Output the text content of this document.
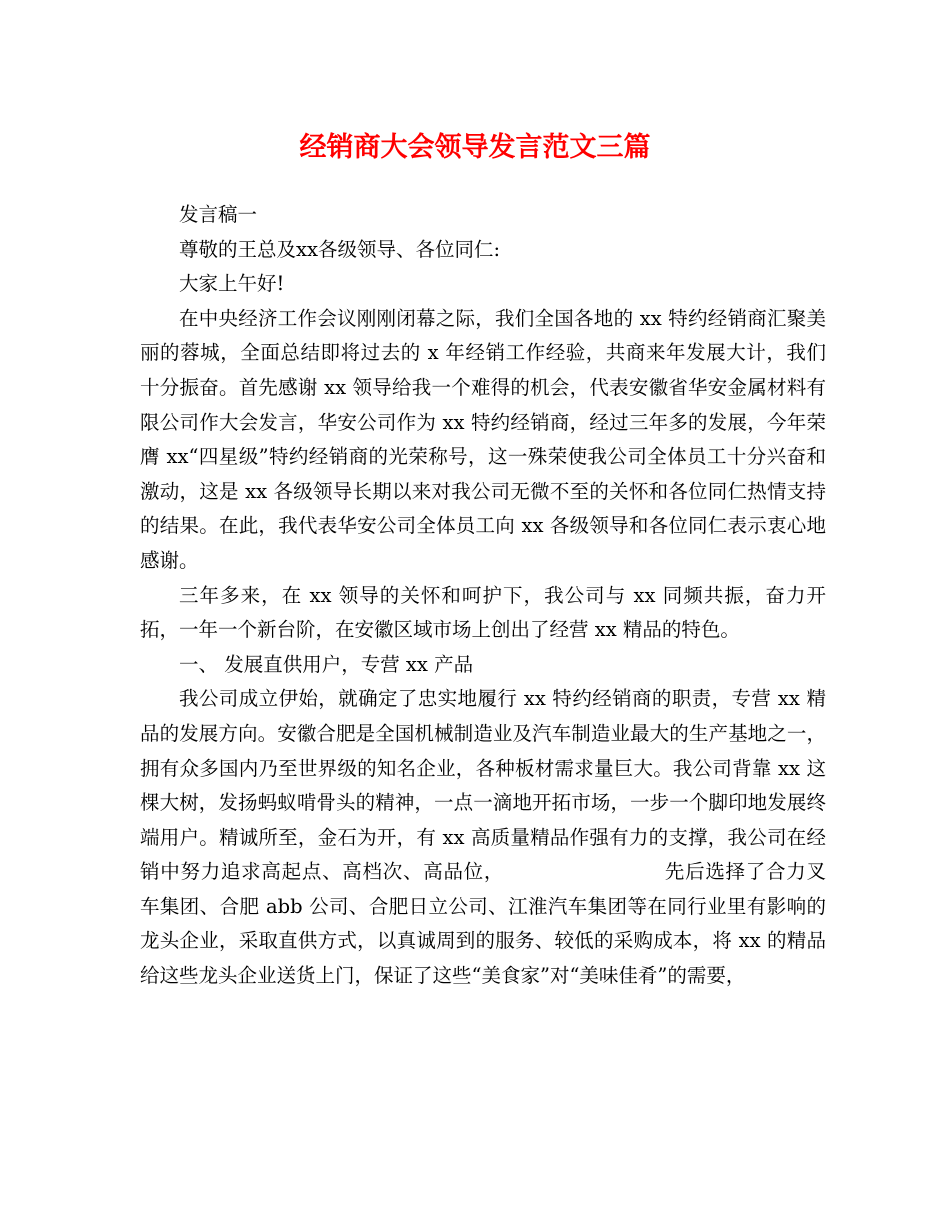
经销商大会领导发言范文三篇

发言稿一

尊敬的王总及xx各级领导、各位同仁:

大家上午好!

在中央经济工作会议刚刚闭幕之际，我们全国各地的 xx 特约经销商汇聚美丽的蓉城，全面总结即将过去的 x 年经销工作经验，共商来年发展大计，我们十分振奋。首先感谢 xx 领导给我一个难得的机会，代表安徽省华安金属材料有限公司作大会发言，华安公司作为 xx 特约经销商，经过三年多的发展，今年荣膺 xx“四星级”特约经销商的光荣称号，这一殊荣使我公司全体员工十分兴奋和激动，这是 xx 各级领导长期以来对我公司无微不至的关怀和各位同仁热情支持的结果。在此，我代表华安公司全体员工向 xx 各级领导和各位同仁表示衷心地感谢。

三年多来，在 xx 领导的关怀和呵护下，我公司与 xx 同频共振，奋力开拓，一年一个新台阶，在安徽区域市场上创出了经营 xx 精品的特色。

一、 发展直供用户，专营 xx 产品

我公司成立伊始，就确定了忠实地履行 xx 特约经销商的职责，专营 xx 精品的发展方向。安徽合肥是全国机械制造业及汽车制造业最大的生产基地之一，拥有众多国内乃至世界级的知名企业，各种板材需求量巨大。我公司背靠 xx 这棵大树，发扬蚂蚁啃骨头的精神，一点一滴地开拓市场，一步一个脚印地发展终端用户。精诚所至，金石为开，有 xx 高质量精品作强有力的支撑，我公司在经销中努力追求高起点、高档次、高品位，	先后选择了合力叉车集团、合肥 abb 公司、合肥日立公司、江淮汽车集团等在同行业里有影响的龙头企业，采取直供方式，以真诚周到的服务、较低的采购成本，将 xx 的精品给这些龙头企业送货上门，保证了这些“美食家”对“美味佳肴”的需要，
